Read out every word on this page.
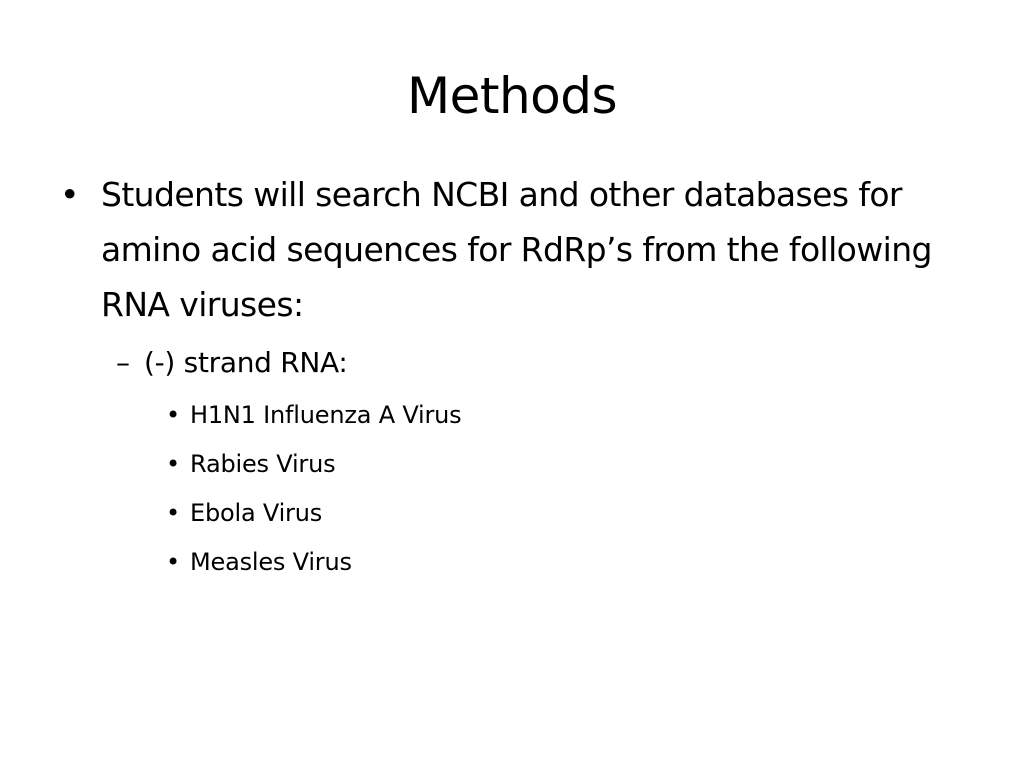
Methods
• Students will search NCBI and other databases for amino acid sequences for RdRp’s from the following RNA viruses:
– (-) strand RNA:
• H1N1 Influenza A Virus
• Rabies Virus
• Ebola Virus
• Measles Virus
